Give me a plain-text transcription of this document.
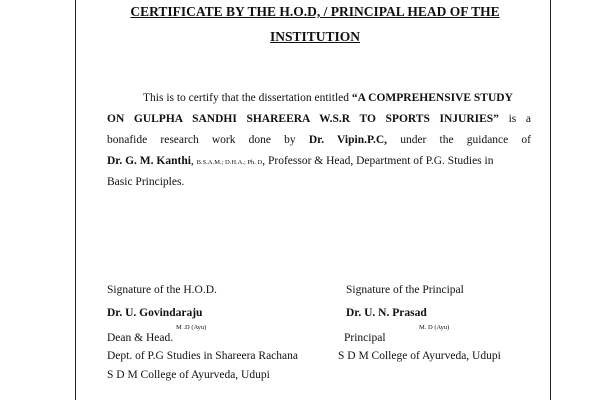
CERTIFICATE BY THE H.O.D, / PRINCIPAL HEAD OF THE
INSTITUTION
This is to certify that the dissertation entitled “A COMPREHENSIVE STUDY
ON GULPHA SANDHI SHAREERA W.S.R TO SPORTS INJURIES” is a
bonafide research work done by Dr. Vipin.P.C, under the guidance of
Dr. G. M. Kanthi, B.S.A.M.; D.H.A.; Ph. D, Professor & Head, Department of P.G. Studies in
Basic Principles.
Signature of the H.O.D.
Dr. U. Govindaraju
M .D (Ayu)
Dean & Head.
Dept. of P.G Studies in Shareera Rachana
S D M College of Ayurveda, Udupi
Signature of the Principal
Dr. U. N. Prasad
M. D (Ayu)
Principal
S D M College of Ayurveda, Udupi
